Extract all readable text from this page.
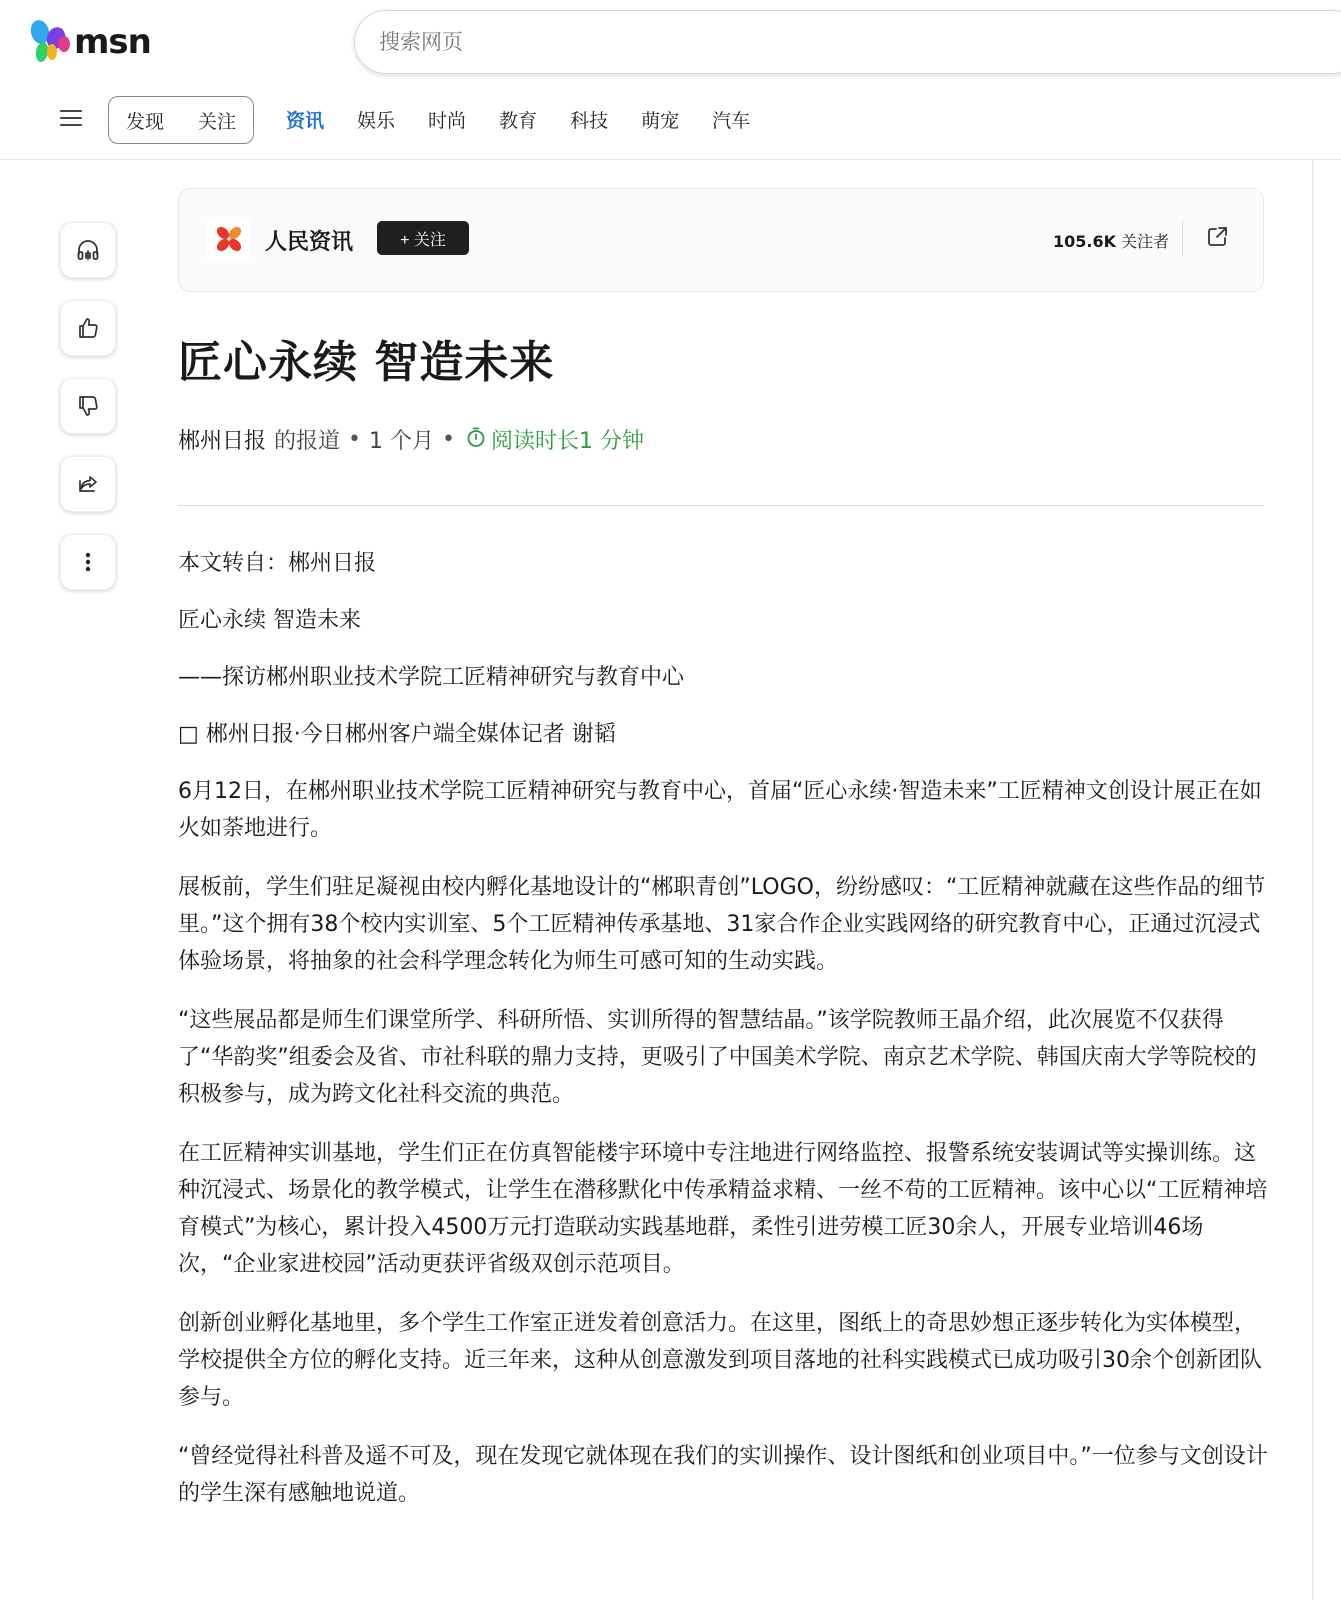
msn
搜索网页
发现 关注	资讯 娱乐 时尚 教育 科技 萌宠 汽车
人民资讯	+ 关注	105.6K 关注者
匠心永续 智造未来
郴州日报 的报道 • 1 个月 • 阅读时长1 分钟

本文转自：郴州日报

匠心永续 智造未来

——探访郴州职业技术学院工匠精神研究与教育中心

□ 郴州日报·今日郴州客户端全媒体记者 谢韬

6月12日，在郴州职业技术学院工匠精神研究与教育中心，首届“匠心永续·智造未来”工匠精神文创设计展正在如火如荼地进行。

展板前，学生们驻足凝视由校内孵化基地设计的“郴职青创”LOGO，纷纷感叹：“工匠精神就藏在这些作品的细节里。”这个拥有38个校内实训室、5个工匠精神传承基地、31家合作企业实践网络的研究教育中心，正通过沉浸式体验场景，将抽象的社会科学理念转化为师生可感可知的生动实践。

“这些展品都是师生们课堂所学、科研所悟、实训所得的智慧结晶。”该学院教师王晶介绍，此次展览不仅获得了“华韵奖”组委会及省、市社科联的鼎力支持，更吸引了中国美术学院、南京艺术学院、韩国庆南大学等院校的积极参与，成为跨文化社科交流的典范。

在工匠精神实训基地，学生们正在仿真智能楼宇环境中专注地进行网络监控、报警系统安装调试等实操训练。这种沉浸式、场景化的教学模式，让学生在潜移默化中传承精益求精、一丝不苟的工匠精神。该中心以“工匠精神培育模式”为核心，累计投入4500万元打造联动实践基地群，柔性引进劳模工匠30余人，开展专业培训46场次，“企业家进校园”活动更获评省级双创示范项目。

创新创业孵化基地里，多个学生工作室正迸发着创意活力。在这里，图纸上的奇思妙想正逐步转化为实体模型，学校提供全方位的孵化支持。近三年来，这种从创意激发到项目落地的社科实践模式已成功吸引30余个创新团队参与。

“曾经觉得社科普及遥不可及，现在发现它就体现在我们的实训操作、设计图纸和创业项目中。”一位参与文创设计的学生深有感触地说道。
